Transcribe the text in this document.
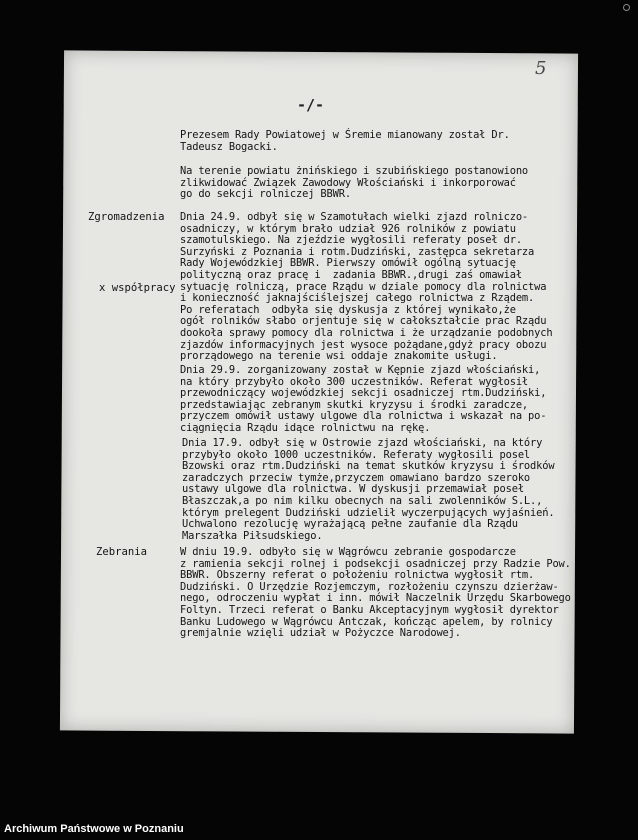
5
-/-

Prezesem Rady Powiatowej w Śremie mianowany został Dr.
Tadeusz Bogacki.

Na terenie powiatu żnińskiego i szubińskiego postanowiono
zlikwidować Związek Zawodowy Włościański i inkorporować
go do sekcji rolniczej BBWR.

Dnia 24.9. odbył się w Szamotułach wielki zjazd rolniczo-
osadniczy, w którym brało udział 926 rolników z powiatu
szamotulskiego. Na zjeździe wygłosili referaty poseł dr.
Surzyński z Poznania i rotm.Dudziński, zastępca sekretarza
Rady Wojewódzkiej BBWR. Pierwszy omówił ogólną sytuację
polityczną oraz pracę i  zadania BBWR.,drugi zaś omawiał
sytuację rolniczą, prace Rządu w dziale pomocy dla rolnictwa
i konieczność jaknajściślejszej całego rolnictwa z Rządem.
Po referatach  odbyła się dyskusja z której wynikało,że
ogół rolników słabo orjentuje się w całokształcie prac Rządu
dookoła sprawy pomocy dla rolnictwa i że urządzanie podobnych
zjazdów informacyjnych jest wysoce pożądane,gdyż pracy obozu
prorządowego na terenie wsi oddaje znakomite usługi.

Dnia 29.9. zorganizowany został w Kępnie zjazd włościański,
na który przybyło około 300 uczestników. Referat wygłosił
przewodniczący wojewódzkiej sekcji osadniczej rtm.Dudziński,
przedstawiając zebranym skutki kryzysu i środki zaradcze,
przyczem omówił ustawy ulgowe dla rolnictwa i wskazał na po-
ciągnięcia Rządu idące rolnictwu na rękę.

Dnia 17.9. odbył się w Ostrowie zjazd włościański, na który
przybyło około 1000 uczestników. Referaty wygłosili posel
Bzowski oraz rtm.Dudziński na temat skutków kryzysu i środków
zaradczych przeciw tymże,przyczem omawiano bardzo szeroko
ustawy ulgowe dla rolnictwa. W dyskusji przemawiał poseł
Błaszczak,a po nim kilku obecnych na sali zwolenników S.L.,
którym prelegent Dudziński udzielił wyczerpujących wyjaśnień.
Uchwalono rezolucję wyrażającą pełne zaufanie dla Rządu
Marszałka Piłsudskiego.

W dniu 19.9. odbyło się w Wągrówcu zebranie gospodarcze
z ramienia sekcji rolnej i podsekcji osadniczej przy Radzie Pow.
BBWR. Obszerny referat o położeniu rolnictwa wygłosił rtm.
Dudziński. O Urzędzie Rozjemczym, rozłożeniu czynszu dzierżaw-
nego, odroczeniu wypłat i inn. mówił Naczelnik Urzędu Skarbowego
Foltyn. Trzeci referat o Banku Akceptacyjnym wygłosił dyrektor
Banku Ludowego w Wągrówcu Antczak, kończąc apelem, by rolnicy
gremjalnie wzięli udział w Pożyczce Narodowej.

Zgromadzenia

x współpracy

Zebrania

Archiwum Państwowe w Poznaniu
